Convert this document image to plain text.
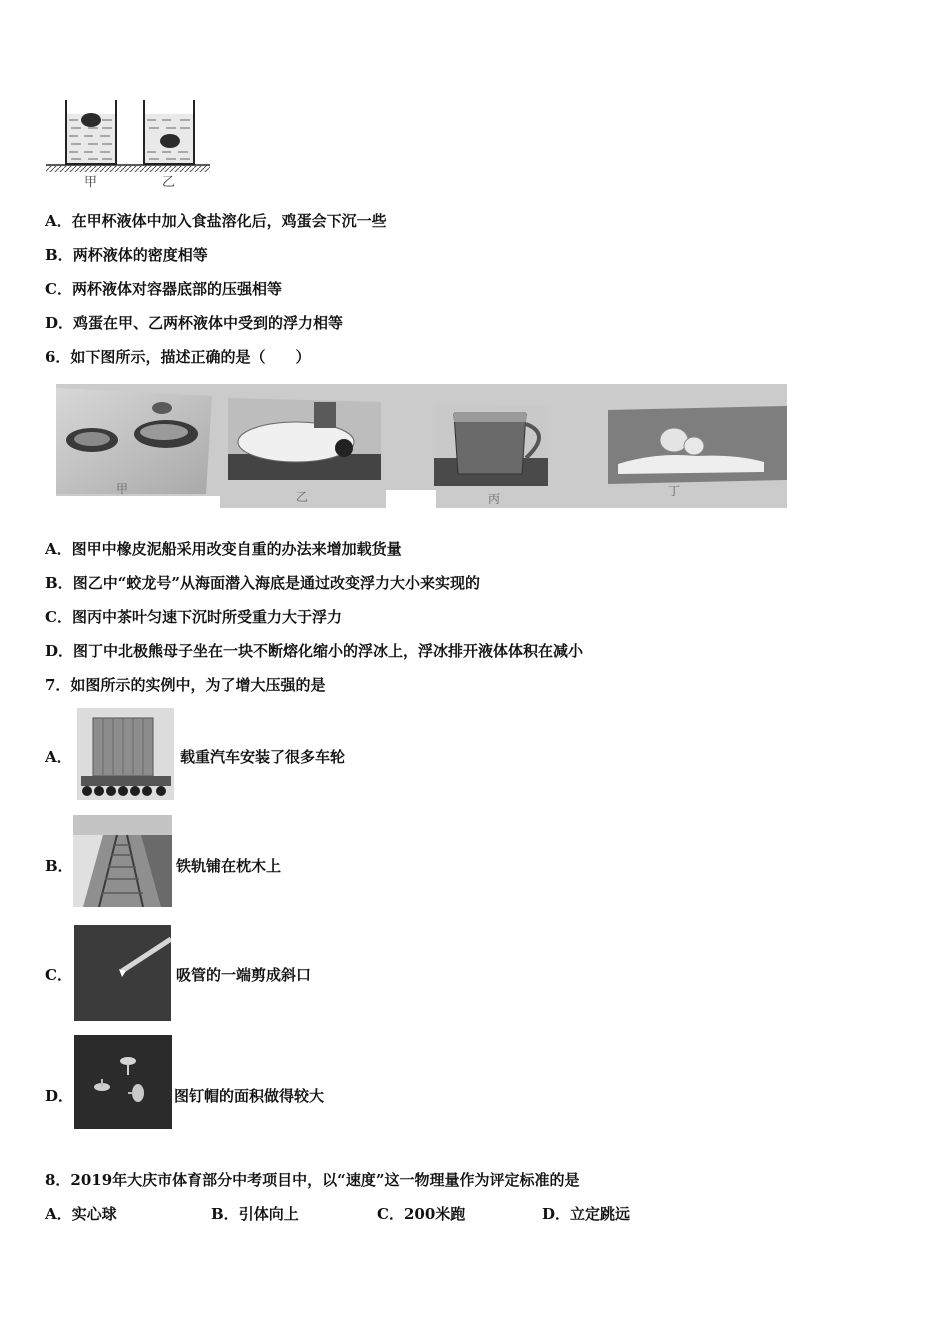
甲	乙
A．在甲杯液体中加入食盐溶化后，鸡蛋会下沉一些
B．两杯液体的密度相等
C．两杯液体对容器底部的压强相等
D．鸡蛋在甲、乙两杯液体中受到的浮力相等
6．如下图所示，描述正确的是（　　）
甲
乙	丙
丁
A．图甲中橡皮泥船采用改变自重的办法来增加载货量
B．图乙中“蛟龙号”从海面潜入海底是通过改变浮力大小来实现的
C．图丙中茶叶匀速下沉时所受重力大于浮力
D．图丁中北极熊母子坐在一块不断熔化缩小的浮冰上，浮冰排开液体体积在减小
7．如图所示的实例中，为了增大压强的是
A．	载重汽车安装了很多车轮
B．	铁轨铺在枕木上
C．	吸管的一端剪成斜口
D．	图钉帽的面积做得较大
8．2019年大庆市体育部分中考项目中，以“速度”这一物理量作为评定标准的是
A．实心球	B．引体向上	C．200米跑	D．立定跳远
